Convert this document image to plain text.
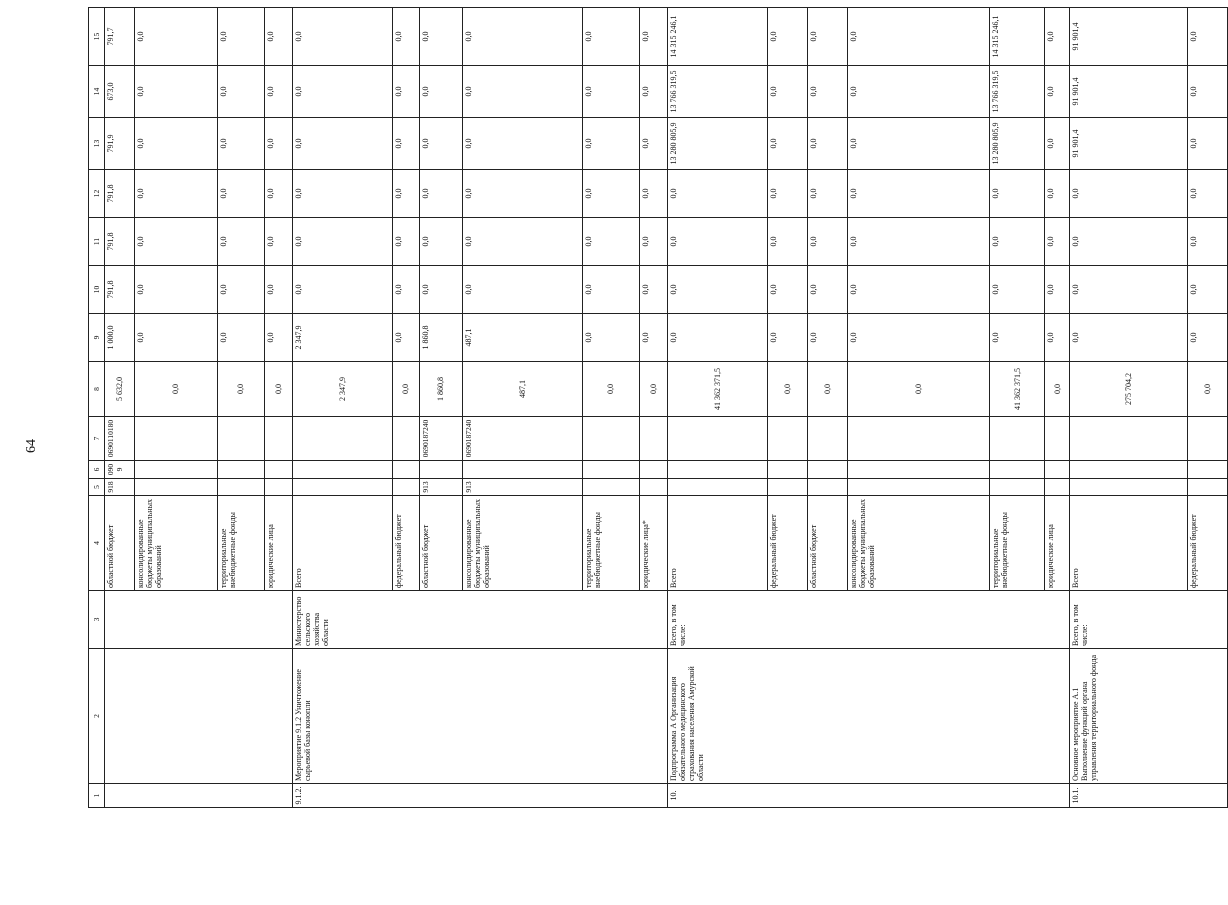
64
1	2	3	4	5	6	7	8	9	10	11	12	13	14	15
			областной бюджет	918	0909	0690110180	5 632,0	1 000,0	791,8	791,8	791,8	791,9	673,0	791,7
			консолидированные бюджеты муниципальных образований				0,0	0,0	0,0	0,0	0,0	0,0	0,0	0,0
			территориальные внебюджетные фонды				0,0	0,0	0,0	0,0	0,0	0,0	0,0	0,0
			юридические лица				0,0	0,0	0,0	0,0	0,0	0,0	0,0	0,0
9.1.2.	Мероприятие 9.1.2 Уничтожение сырьевой базы конопли	Министерство сельского хозяйства области	Всего				2 347,9	2 347,9	0,0	0,0	0,0	0,0	0,0	0,0
			федеральный бюджет				0,0	0,0	0,0	0,0	0,0	0,0	0,0	0,0
			областной бюджет	913		0690187240	1 860,8	1 860,8	0,0	0,0	0,0	0,0	0,0	0,0
			консолидированные бюджеты муниципальных образований	913		0690187240	487,1	487,1	0,0	0,0	0,0	0,0	0,0	0,0
			территориальные внебюджетные фонды				0,0	0,0	0,0	0,0	0,0	0,0	0,0	0,0
			юридические лица*				0,0	0,0	0,0	0,0	0,0	0,0	0,0	0,0
10.	Подпрограмма А Организация обязательного медицинского страхования населения Амурской области	Всего, в том числе:	Всего				41 362 371,5	0,0	0,0	0,0	0,0	13 280 805,9	13 766 319,5	14 315 246,1
			федеральный бюджет				0,0	0,0	0,0	0,0	0,0	0,0	0,0	0,0
			областной бюджет				0,0	0,0	0,0	0,0	0,0	0,0	0,0	0,0
			консолидированные бюджеты муниципальных образований				0,0	0,0	0,0	0,0	0,0	0,0	0,0	0,0
			территориальные внебюджетные фонды				41 362 371,5	0,0	0,0	0,0	0,0	13 280 805,9	13 766 319,5	14 315 246,1
			юридические лица				0,0	0,0	0,0	0,0	0,0	0,0	0,0	0,0
10.1.	Основное мероприятие А.1 Выполнение функций органа управления территориального фонда	Всего, в том числе:	Всего				275 704,2	0,0	0,0	0,0	0,0	91 901,4	91 901,4	91 901,4
			федеральный бюджет				0,0	0,0	0,0	0,0	0,0	0,0	0,0	0,0
